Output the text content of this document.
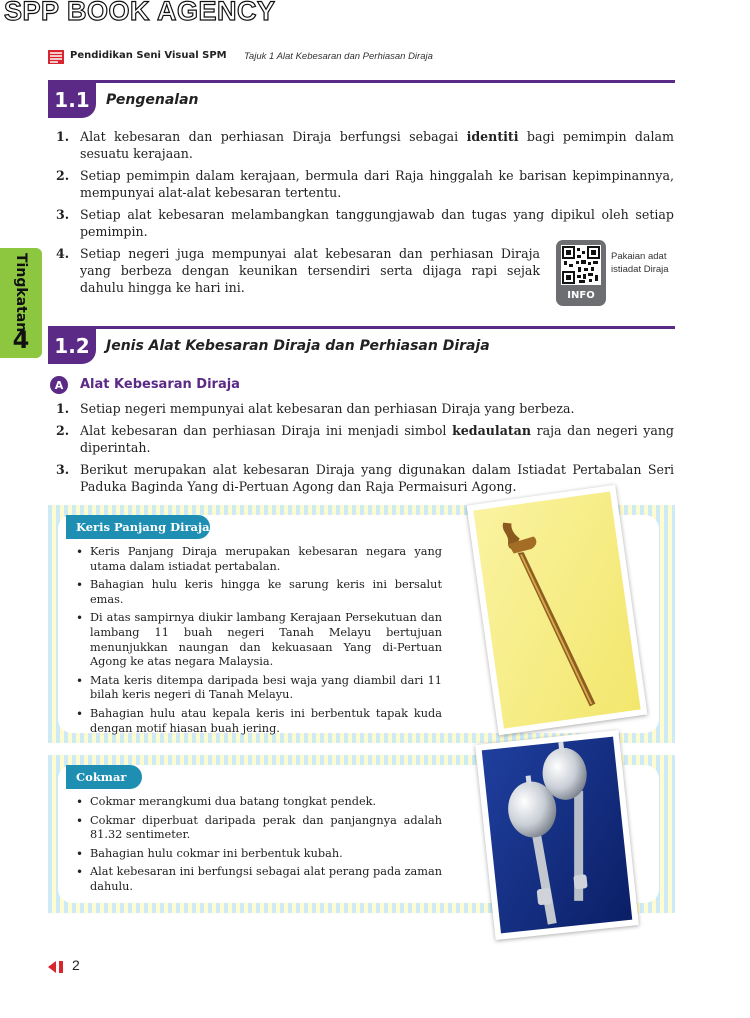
SPP BOOK AGENCY
Pendidikan Seni Visual SPM Tajuk 1 Alat Kebesaran dan Perhiasan Diraja
1.1	Pengenalan
1. Alat kebesaran dan perhiasan Diraja berfungsi sebagai identiti bagi pemimpin dalam sesuatu kerajaan.
2. Setiap pemimpin dalam kerajaan, bermula dari Raja hinggalah ke barisan kepimpinannya, mempunyai alat-alat kebesaran tertentu.
3. Setiap alat kebesaran melambangkan tanggungjawab dan tugas yang dipikul oleh setiap pemimpin.
4. Setiap negeri juga mempunyai alat kebesaran dan perhiasan Diraja yang berbeza dengan keunikan tersendiri serta dijaga rapi sejak dahulu hingga ke hari ini.
INFO
Pakaian adat istiadat Diraja
Tingkatan
4	1.2	Jenis Alat Kebesaran Diraja dan Perhiasan Diraja
A	Alat Kebesaran Diraja
1. Setiap negeri mempunyai alat kebesaran dan perhiasan Diraja yang berbeza.
2. Alat kebesaran dan perhiasan Diraja ini menjadi simbol kedaulatan raja dan negeri yang diperintah.
3. Berikut merupakan alat kebesaran Diraja yang digunakan dalam Istiadat Pertabalan Seri Paduka Baginda Yang di-Pertuan Agong dan Raja Permaisuri Agong.
Keris Panjang Diraja
• Keris Panjang Diraja merupakan kebesaran negara yang utama dalam istiadat pertabalan.
• Bahagian hulu keris hingga ke sarung keris ini bersalut emas.
• Di atas sampirnya diukir lambang Kerajaan Persekutuan dan lambang 11 buah negeri Tanah Melayu bertujuan menunjukkan naungan dan kekuasaan Yang di-Pertuan Agong ke atas negara Malaysia.
• Mata keris ditempa daripada besi waja yang diambil dari 11 bilah keris negeri di Tanah Melayu.
• Bahagian hulu atau kepala keris ini berbentuk tapak kuda dengan motif hiasan buah jering.
Cokmar
• Cokmar merangkumi dua batang tongkat pendek.
• Cokmar diperbuat daripada perak dan panjangnya adalah 81.32 sentimeter.
• Bahagian hulu cokmar ini berbentuk kubah.
• Alat kebesaran ini berfungsi sebagai alat perang pada zaman dahulu.
2
